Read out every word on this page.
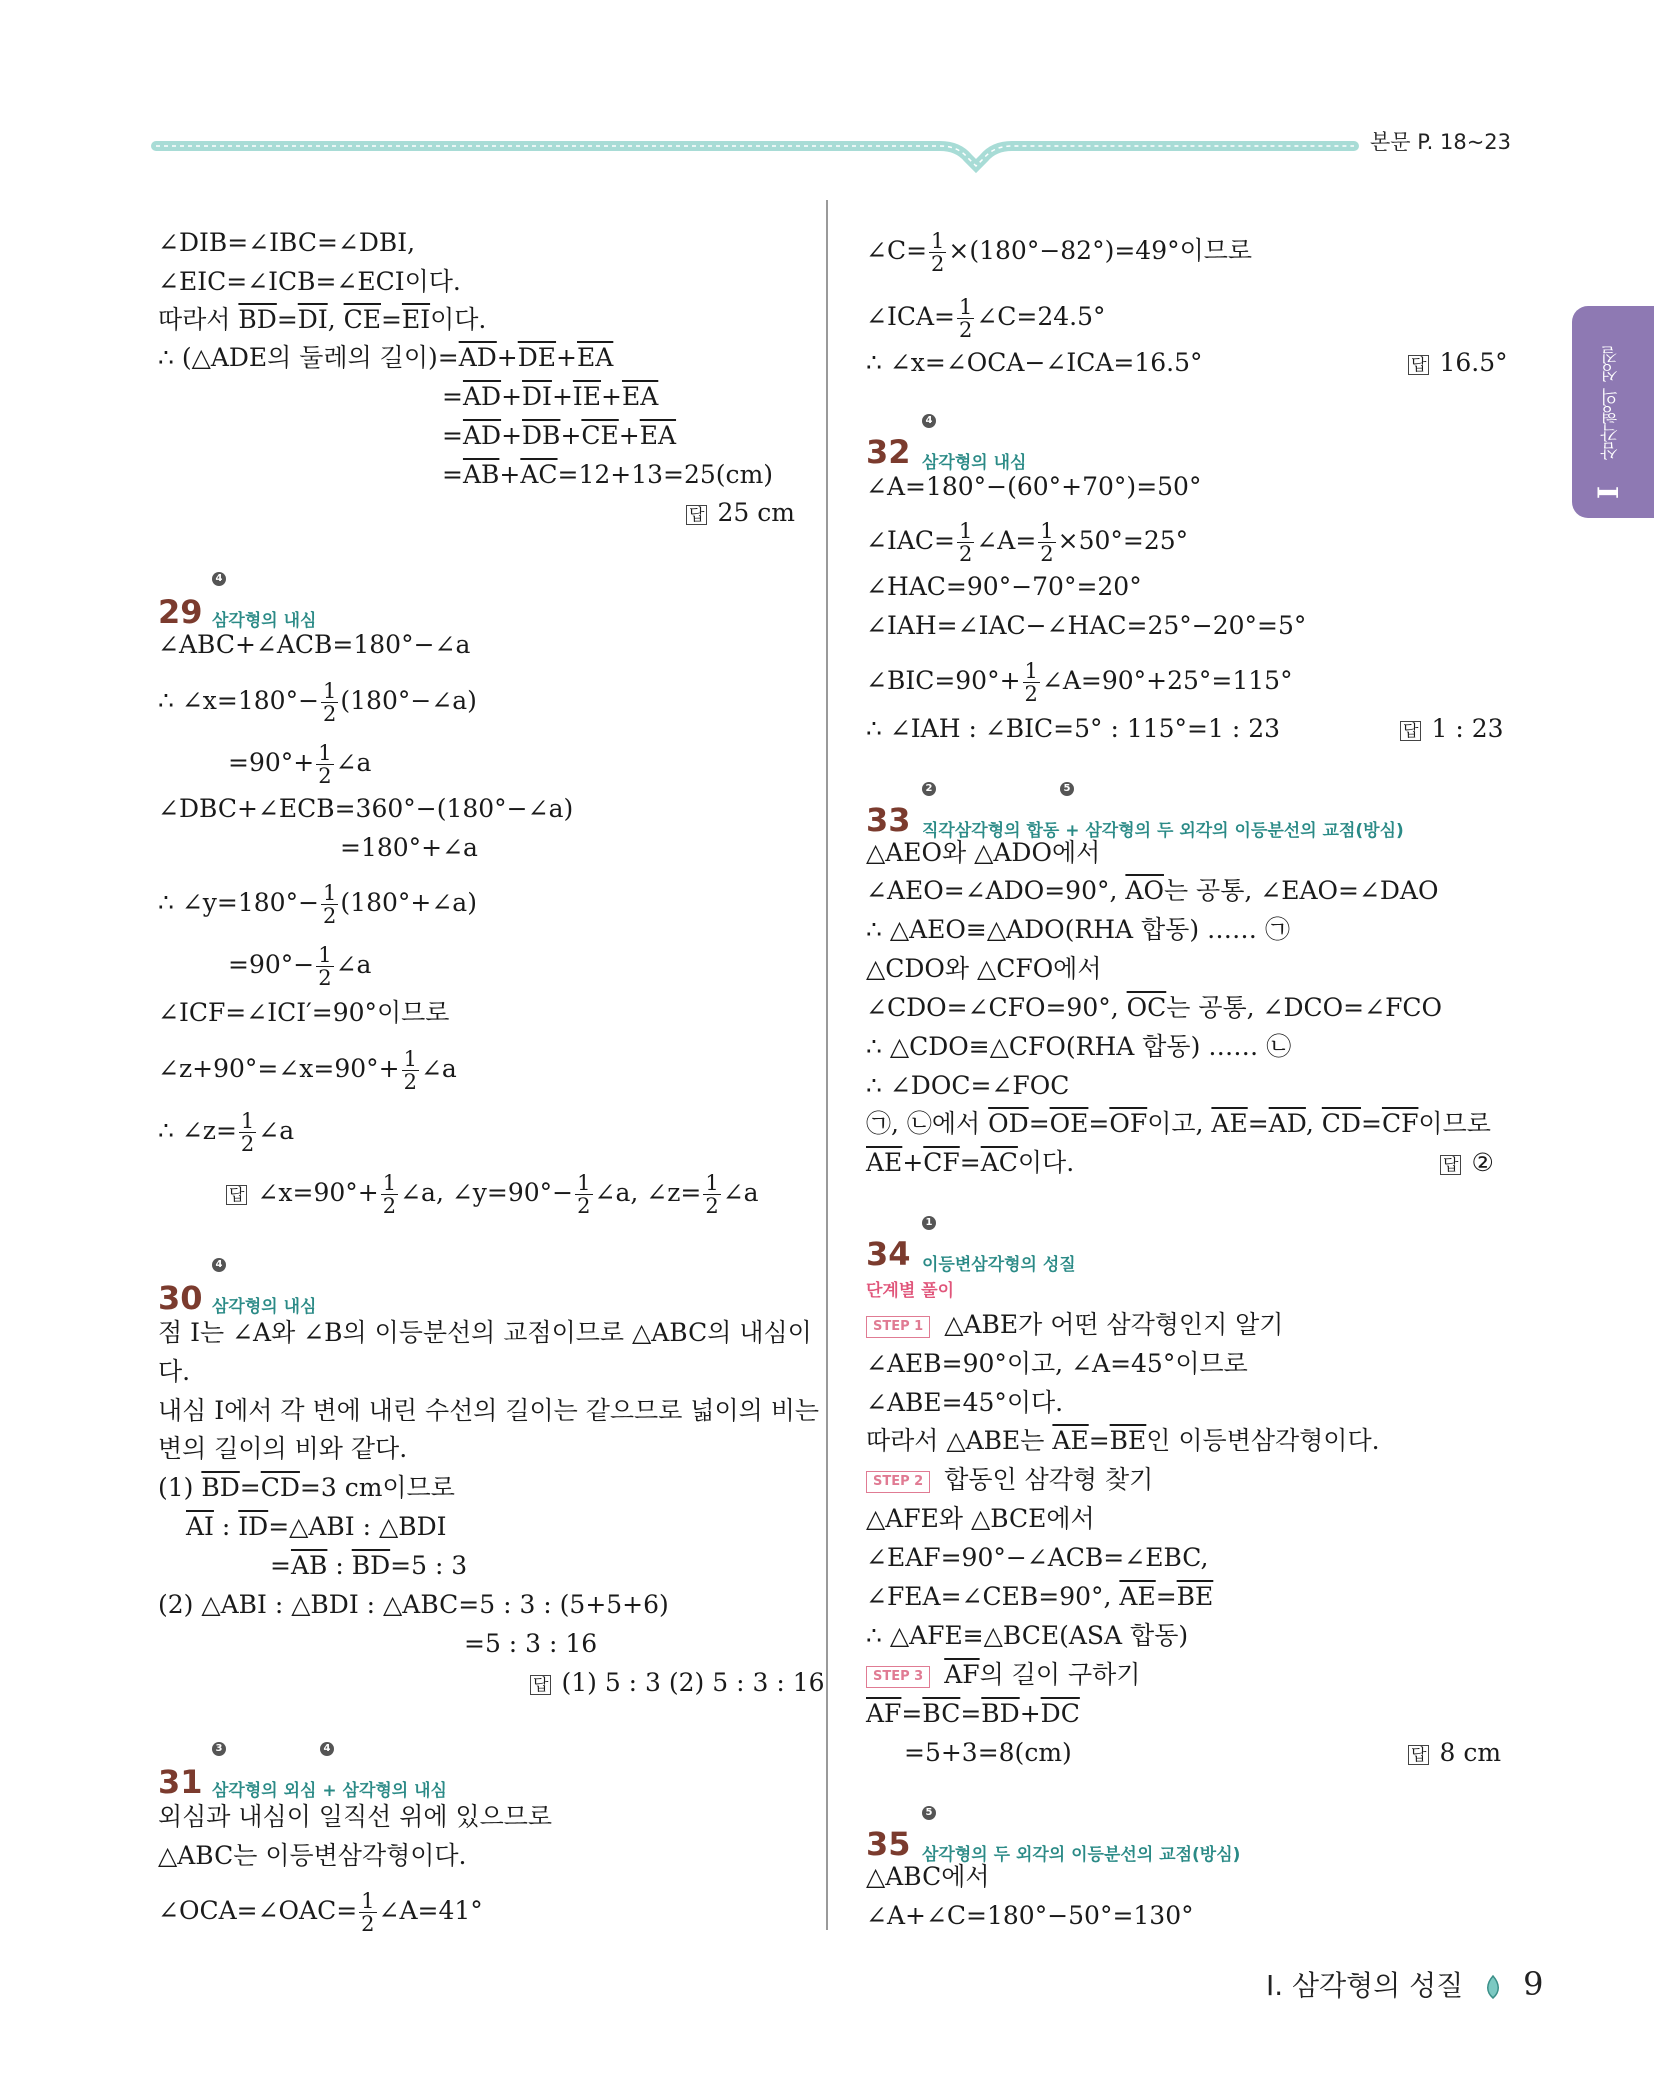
본문 P. 18~23
삼각형의 성질
I
∠DIB=∠IBC=∠DBI,
∠EIC=∠ICB=∠ECI이다.
따라서 $\overline{BD}=\overline{DI}$, $\overline{CE}=\overline{EI}$이다.
∴ (△ADE의 둘레의 길이)$=\overline{AD}+\overline{DE}+\overline{EA}$
$=\overline{AD}+\overline{DI}+\overline{IE}+\overline{EA}$
$=\overline{AD}+\overline{DB}+\overline{CE}+\overline{EA}$
$=\overline{AB}+\overline{AC}=12+13=25(cm)$
답 25 cm
29
4
삼각형의 내심
∠ABC+∠ACB=180°−∠a
∴ ∠x=180°− $\frac{1}{2}$ (180°−∠a)
$=90^\circ+ \frac{1}{2}$ ∠a
∠DBC+∠ECB=360°−(180°−∠a)
=180°+∠a
∴ ∠y=180°− $\frac{1}{2}$ (180°+∠a)
$=90^\circ- \frac{1}{2}$ ∠a
∠ICF=∠ICI′=90°이므로
∠z+90°=∠x=90°+ $\frac{1}{2}$ ∠a
∴ ∠z= $\frac{1}{2}$ ∠a
답 ∠x=90°+ $\frac{1}{2}$ ∠a, ∠y=90°− $\frac{1}{2}$ ∠a, ∠z= $\frac{1}{2}$ ∠a
30
4
삼각형의 내심
점 I는 ∠A와 ∠B의 이등분선의 교점이므로 △ABC의 내심이
다.
내심 I에서 각 변에 내린 수선의 길이는 같으므로 넓이의 비는
변의 길이의 비와 같다.
(1) $\overline{BD}=\overline{CD}=3$ cm이므로
$\overline{AI}$ : $\overline{ID}=\triangle ABI$ : △BDI
$=\overline{AB}$ : $\overline{BD}=5$ : 3
(2) △ABI : △BDI : △ABC=5 : 3 : (5+5+6)
=5 : 3 : 16
답 (1) 5 : 3 (2) 5 : 3 : 16
31
3	4
삼각형의 외심 + 삼각형의 내심
외심과 내심이 일직선 위에 있으므로
△ABC는 이등변삼각형이다.
∠OCA=∠OAC= $\frac{1}{2}$ ∠A=41°
∠C= $\frac{1}{2} \times(180^\circ-82^\circ)=49^\circ$이므로
∠ICA= $\frac{1}{2}$ ∠C=24.5°
∴ ∠x=∠OCA−∠ICA=16.5°	답 16.5°
32
4
삼각형의 내심
∠A=180°−(60°+70°)=50°
∠IAC= $\frac{1}{2}$ ∠A= $\frac{1}{2} \times 50^\circ=25^\circ$
∠HAC=90°−70°=20°
∠IAH=∠IAC−∠HAC=25°−20°=5°
∠BIC=90°+ $\frac{1}{2}$ ∠A=90°+25°=115°
∴ ∠IAH : ∠BIC=5° : 115°=1 : 23	답 1 : 23
33
2	5
직각삼각형의 합동 + 삼각형의 두 외각의 이등분선의 교점(방심)
△AEO와 △ADO에서
∠AEO=∠ADO=90°, $\overline{AO}$는 공통, ∠EAO=∠DAO
∴ △AEO≡△ADO(RHA 합동) …… ㉠
△CDO와 △CFO에서
∠CDO=∠CFO=90°, $\overline{OC}$는 공통, ∠DCO=∠FCO
∴ △CDO≡△CFO(RHA 합동) …… ㉡
∴ ∠DOC=∠FOC
㉠, ㉡에서 $\overline{OD}=\overline{OE}=\overline{OF}$이고, $\overline{AE}=\overline{AD}$, $\overline{CD}=\overline{CF}$이므로
$\overline{AE}+\overline{CF}=\overline{AC}$이다.	답 ②
34
1
이등변삼각형의 성질
단계별 풀이
STEP 1 △ABE가 어떤 삼각형인지 알기
∠AEB=90°이고, ∠A=45°이므로
∠ABE=45°이다.
따라서 △ABE는 $\overline{AE}=\overline{BE}$인 이등변삼각형이다.
STEP 2 합동인 삼각형 찾기
△AFE와 △BCE에서
∠EAF=90°−∠ACB=∠EBC,
∠FEA=∠CEB=90°, $\overline{AE}=\overline{BE}$
∴ △AFE≡△BCE(ASA 합동)
STEP 3 $\overline{AF}$의 길이 구하기
$\overline{AF}=\overline{BC}=\overline{BD}+\overline{DC}$
=5+3=8(cm)	답 8 cm
35
5
삼각형의 두 외각의 이등분선의 교점(방심)
△ABC에서
∠A+∠C=180°−50°=130°
I. 삼각형의 성질 9
